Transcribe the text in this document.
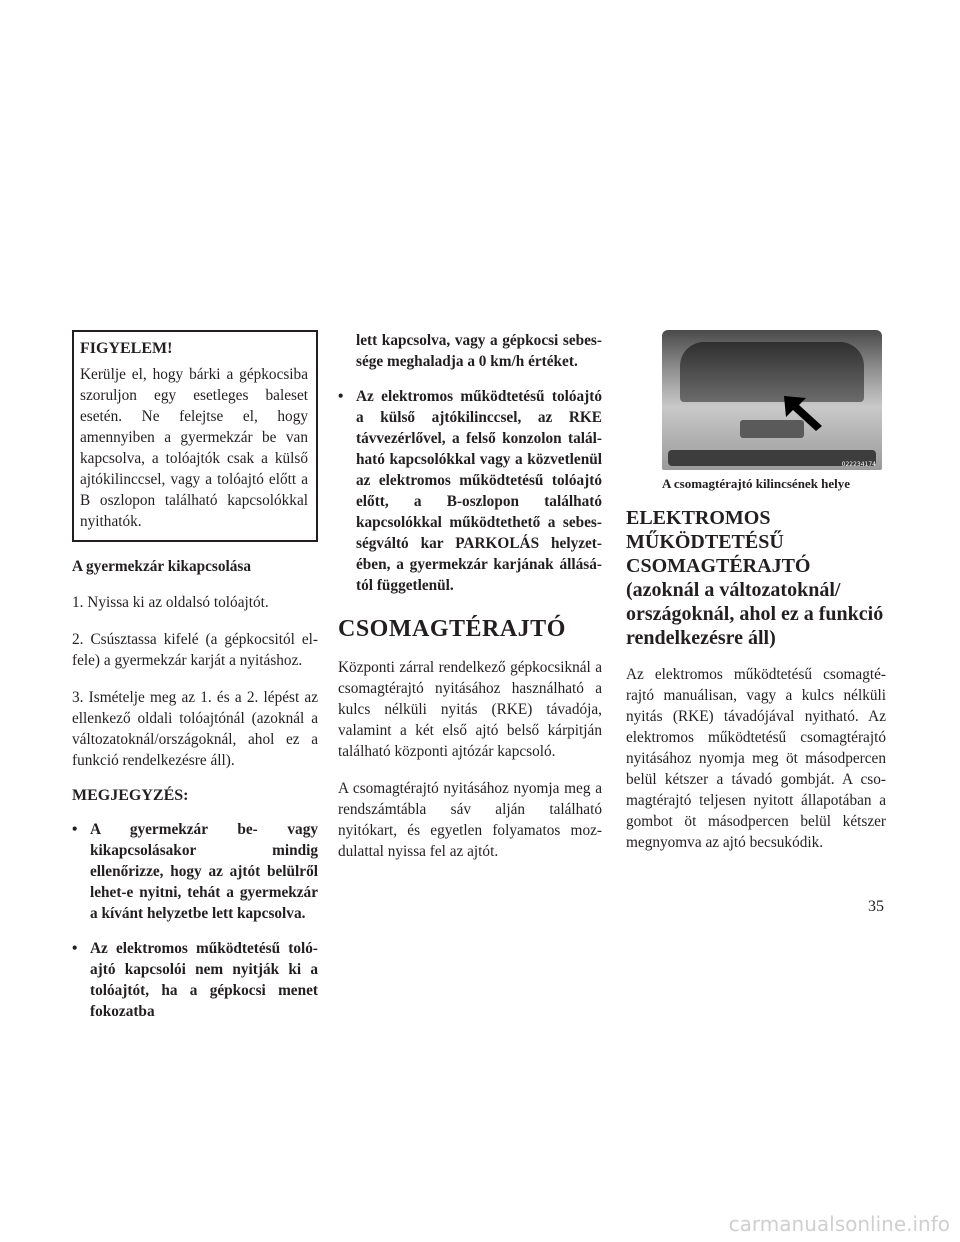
FIGYELEM!

Kerülje el, hogy bárki a gépkocsiba szoruljon egy esetleges baleset esetén. Ne felejtse el, hogy amennyiben a gyermekzár be van kapcsolva, a tolóajtók csak a külső ajtókilinccsel, vagy a tolóajtó előtt a B oszlopon található kapcsolókkal nyithatók.

A gyermekzár kikapcsolása

1. Nyissa ki az oldalsó tolóajtót.

2. Csúsztassa kifelé (a gépkocsitól elfele) a gyermekzár karját a nyitáshoz.

3. Ismételje meg az 1. és a 2. lépést az ellenkező oldali tolóajtónál (azoknál a változatoknál/országoknál, ahol ez a funkció rendelkezésre áll).

MEGJEGYZÉS:
• A gyermekzár be- vagy kikapcsolásakor mindig ellenőrizze, hogy az ajtót belülről lehet-e nyitni, tehát a gyermekzár a kívánt helyzetbe lett kapcsolva.
• Az elektromos működtetésű tolóajtó kapcsolói nem nyitják ki a tolóajtót, ha a gépkocsi menet fokozatba
lett kapcsolva, vagy a gépkocsi sebessége meghaladja a 0 km/h értéket.
• Az elektromos működtetésű tolóajtó a külső ajtókilinccsel, az RKE távvezérlővel, a felső konzolon található kapcsolókkal vagy a közvetlenül az elektromos működtetésű tolóajtó előtt, a B-oszlopon található kapcsolókkal működtethető a sebességváltó kar PARKOLÁS helyzetében, a gyermekzár karjának állásától függetlenül.
CSOMAGTÉRAJTÓ

Központi zárral rendelkező gépkocsiknál a csomagtérajtó nyitásához használható a kulcs nélküli nyitás (RKE) távadója, valamint a két első ajtó belső kárpitján található központi ajtózár kapcsoló.

A csomagtérajtó nyitásához nyomja meg a rendszámtábla sáv alján található nyitókart, és egyetlen folyamatos mozdulattal nyissa fel az ajtót.

022234174
A csomagtérajtó kilincsének helye
ELEKTROMOS
MŰKÖDTETÉSŰ
CSOMAGTÉRAJTÓ
(azoknál a változatoknál/
országoknál, ahol ez a funkció
rendelkezésre áll)

Az elektromos működtetésű csomagtérajtó manuálisan, vagy a kulcs nélküli nyitás (RKE) távadójával nyitható. Az elektromos működtetésű csomagtérajtó nyitásához nyomja meg öt másodpercen belül kétszer a távadó gombját. A csomagtérajtó teljesen nyitott állapotában a gombot öt másodpercen belül kétszer megnyomva az ajtó becsukódik.

35
carmanualsonline.info
